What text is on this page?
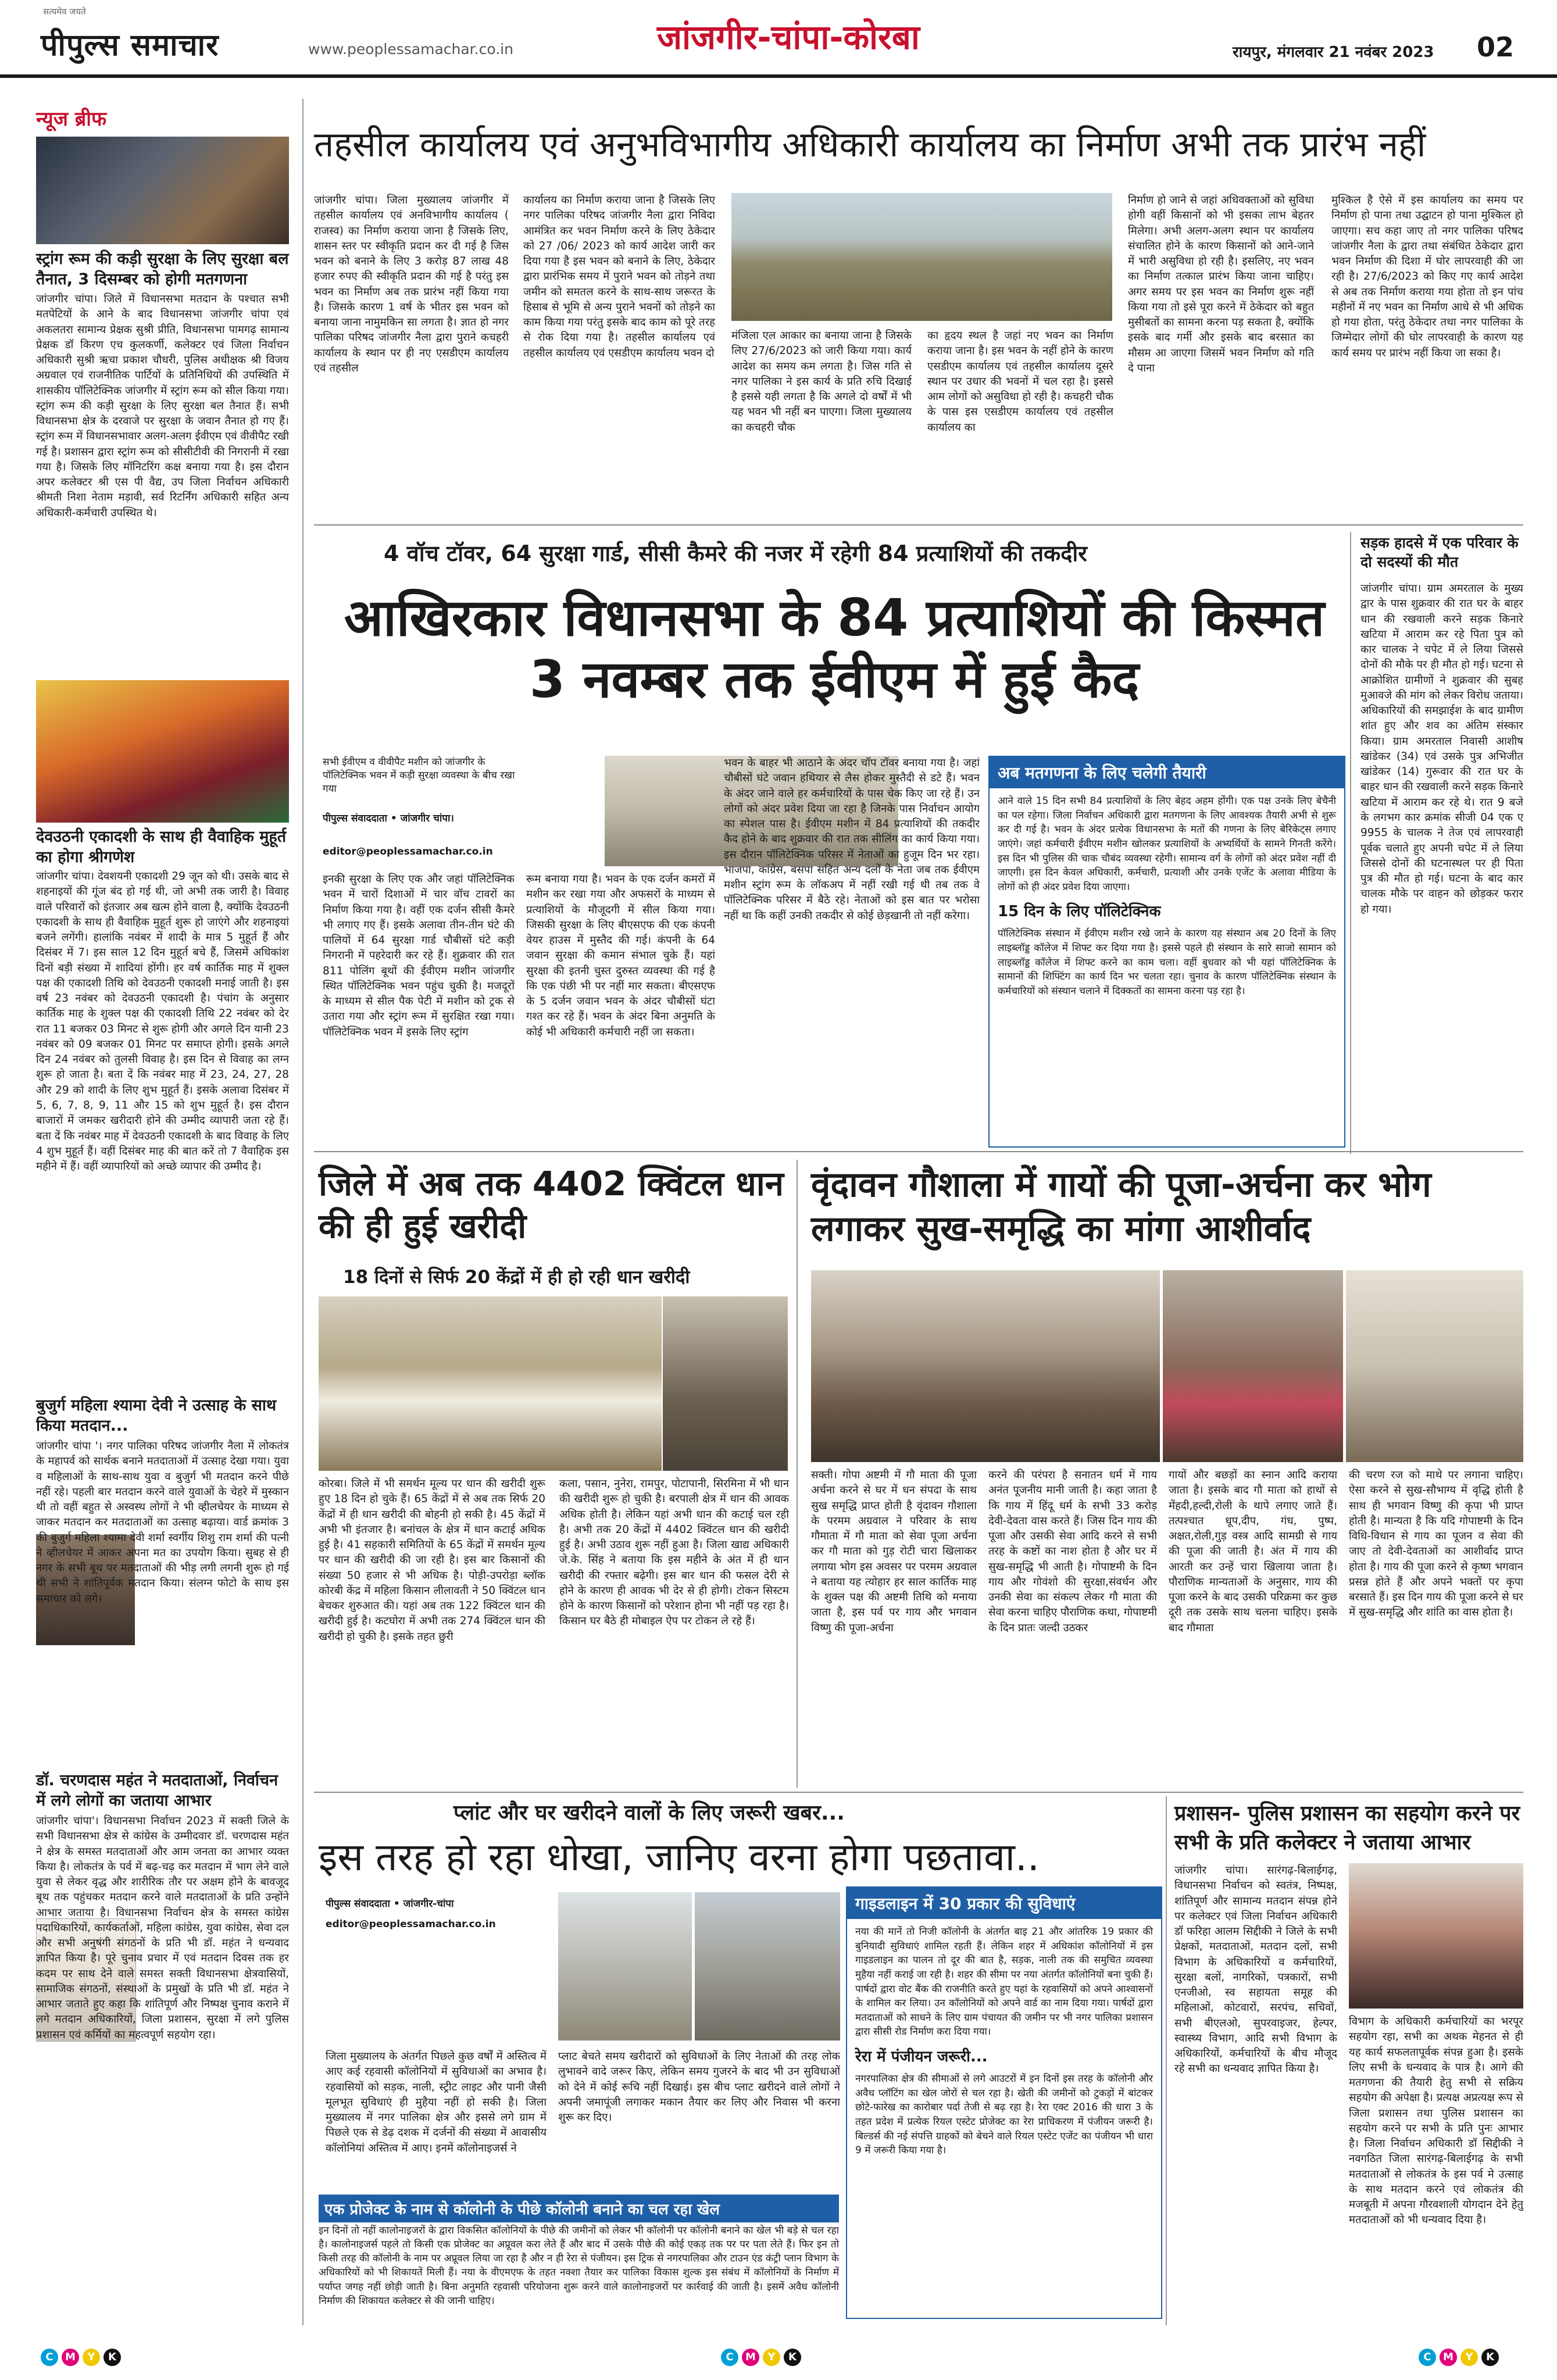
सत्यमेव जयते
पीपुल्स समाचार	www.peoplessamachar.co.in	जांजगीर-चांपा-कोरबा	रायपुर, मंगलवार 21 नवंबर 2023 02
न्यूज ब्रीफ
स्ट्रांग रूम की कड़ी सुरक्षा के लिए सुरक्षा बल तैनात, 3 दिसम्बर को होगी मतगणना
जांजगीर चांपा। जिले में विधानसभा मतदान के पश्चात सभी मतपेटियों के आने के बाद विधानसभा जांजगीर चांपा एवं अकलतरा सामान्य प्रेक्षक सुश्री प्रीति, विधानसभा पामगढ़ सामान्य प्रेक्षक डॉ किरण एच कुलकर्णी, कलेक्टर एवं जिला निर्वाचन अधिकारी सुश्री ऋचा प्रकाश चौधरी, पुलिस अधीक्षक श्री विजय अग्रवाल एवं राजनीतिक पार्टियों के प्रतिनिधियों की उपस्थिति में शासकीय पॉलिटेक्निक जांजगीर में स्ट्रांग रूम को सील किया गया। स्ट्रांग रूम की कड़ी सुरक्षा के लिए सुरक्षा बल तैनात हैं। सभी विधानसभा क्षेत्र के दरवाजे पर सुरक्षा के जवान तैनात हो गए हैं। स्ट्रांग रूम में विधानसभावार अलग-अलग ईवीएम एवं वीवीपैट रखी गई है। प्रशासन द्वारा स्ट्रांग रूम को सीसीटीवी की निगरानी में रखा गया है। जिसके लिए मॉनिटरिंग कक्ष बनाया गया है। इस दौरान अपर कलेक्टर श्री एस पी वैद्य, उप जिला निर्वाचन अधिकारी श्रीमती निशा नेताम मड़ावी, सर्व रिटर्निंग अधिकारी सहित अन्य अधिकारी-कर्मचारी उपस्थित थे।
देवउठनी एकादशी के साथ ही वैवाहिक मुहूर्त का होगा श्रीगणेश
जांजगीर चांपा। देवशयनी एकादशी 29 जून को थी। उसके बाद से शहनाइयों की गूंज बंद हो गई थी, जो अभी तक जारी है। विवाह वाले परिवारों को इंतजार अब खत्म होने वाला है, क्योंकि देवउठनी एकादशी के साथ ही वैवाहिक मुहूर्त शुरू हो जाएंगे और शहनाइयां बजने लगेंगी। हालांकि नवंबर में शादी के मात्र 5 मुहूर्त हैं और दिसंबर में 7। इस साल 12 दिन मुहूर्त बचे हैं, जिसमें अधिकांश दिनों बड़ी संख्या में शादियां होंगी। हर वर्ष कार्तिक माह में शुक्ल पक्ष की एकादशी तिथि को देवउठनी एकादशी मनाई जाती है। इस वर्ष 23 नवंबर को देवउठनी एकादशी है। पंचांग के अनुसार कार्तिक माह के शुक्ल पक्ष की एकादशी तिथि 22 नवंबर को देर रात 11 बजकर 03 मिनट से शुरू होगी और अगले दिन यानी 23 नवंबर को 09 बजकर 01 मिनट पर समाप्त होगी। इसके अगले दिन 24 नवंबर को तुलसी विवाह है। इस दिन से विवाह का लग्न शुरू हो जाता है। बता दें कि नवंबर माह में 23, 24, 27, 28 और 29 को शादी के लिए शुभ मुहूर्त हैं। इसके अलावा दिसंबर में 5, 6, 7, 8, 9, 11 और 15 को शुभ मुहूर्त है। इस दौरान बाजारों में जमकर खरीदारी होने की उम्मीद व्यापारी जता रहे हैं। बता दें कि नवंबर माह में देवउठनी एकादशी के बाद विवाह के लिए 4 शुभ मुहूर्त हैं। वहीं दिसंबर माह की बात करें तो 7 वैवाहिक इस महीने में हैं। वहीं व्यापारियों को अच्छे व्यापार की उम्मीद है।
बुजुर्ग महिला श्यामा देवी ने उत्साह के साथ किया मतदान...
जांजगीर चांपा '। नगर पालिका परिषद जांजगीर नैला में लोकतंत्र के महापर्व को सार्थक बनाने मतदाताओं में उत्साह देखा गया। युवा व महिलाओं के साथ-साथ युवा व बुजुर्ग भी मतदान करने पीछे नहीं रहे। पहली बार मतदान करने वाले युवाओं के चेहरे में मुस्कान थी तो वहीं बहुत से अस्वस्थ लोगों ने भी व्हीलचेयर के माध्यम से जाकर मतदान कर मतदाताओं का उत्साह बढ़ाया। वार्ड क्रमांक 3 की बुजुर्ग महिला श्यामा देवी शर्मा स्वर्गीय शिशु राम शर्मा की पत्नी ने व्हीलचेयर में आकर अपना मत का उपयोग किया। सुबह से ही नगर के सभी बूथ पर मतदाताओं की भीड़ लगी लगनी शुरू हो गई थी सभी ने शांतिपूर्वक मतदान किया। संलग्न फोटो के साथ इस समाचार को लगे।
डॉ. चरणदास महंत ने मतदाताओं, निर्वाचन में लगे लोगों का जताया आभार
जांजगीर चांपा'। विधानसभा निर्वाचन 2023 में सक्ती जिले के सभी विधानसभा क्षेत्र से कांग्रेस के उम्मीदवार डॉ. चरणदास महंत ने क्षेत्र के समस्त मतदाताओं और आम जनता का आभार व्यक्त किया है। लोकतंत्र के पर्व में बढ़-चढ़ कर मतदान में भाग लेने वाले युवा से लेकर वृद्ध और शारीरिक तौर पर अक्षम होने के बावजूद बूथ तक पहुंचकर मतदान करने वाले मतदाताओं के प्रति उन्होंने आभार जताया है। विधानसभा निर्वाचन क्षेत्र के समस्त कांग्रेस पदाधिकारियों, कार्यकर्ताओं, महिला कांग्रेस, युवा कांग्रेस, सेवा दल और सभी अनुषंगी संगठनों के प्रति भी डॉ. महंत ने धन्यवाद ज्ञापित किया है। पूरे चुनाव प्रचार में एवं मतदान दिवस तक हर कदम पर साथ देने वाले समस्त सक्ती विधानसभा क्षेत्रवासियों, सामाजिक संगठनों, संस्थाओं के प्रमुखों के प्रति भी डॉ. महंत ने आभार जताते हुए कहा कि शांतिपूर्ण और निष्पक्ष चुनाव कराने में लगे मतदान अधिकारियों, जिला प्रशासन, सुरक्षा में लगे पुलिस प्रशासन एवं कर्मियों का महत्वपूर्ण सहयोग रहा।
तहसील कार्यालय एवं अनुभविभागीय अधिकारी कार्यालय का निर्माण अभी तक प्रारंभ नहीं
जांजगीर चांपा। जिला मुख्यालय जांजगीर में तहसील कार्यालय एवं अनविभागीय कार्यालय ( राजस्व) का निर्माण कराया जाना है जिसके लिए, शासन स्तर पर स्वीकृति प्रदान कर दी गई है जिस भवन को बनाने के लिए 3 करोड़ 87 लाख 48 हजार रुपए की स्वीकृति प्रदान की गई है परंतु इस भवन का निर्माण अब तक प्रारंभ नहीं किया गया है। जिसके कारण 1 वर्ष के भीतर इस भवन को बनाया जाना नामुमकिन सा लगता है। ज्ञात हो नगर पालिका परिषद जांजगीर नैला द्वारा पुराने कचहरी कार्यालय के स्थान पर ही नए एसडीएम कार्यालय एवं तहसील
कार्यालय का निर्माण कराया जाना है जिसके लिए नगर पालिका परिषद जांजगीर नैला द्वारा निविदा आमंत्रित कर भवन निर्माण करने के लिए ठेकेदार को 27 /06/ 2023 को कार्य आदेश जारी कर दिया गया है इस भवन को बनाने के लिए, ठेकेदार द्वारा प्रारंभिक समय में पुराने भवन को तोड़ने तथा जमीन को समतल करने के साथ-साथ जरूरत के हिसाब से भूमि से अन्य पुराने भवनों को तोड़ने का काम किया गया परंतु इसके बाद काम को पूरे तरह से रोक दिया गया है। तहसील कार्यालय एवं तहसील कार्यालय एवं एसडीएम कार्यालय भवन दो
मंजिला एल आकार का बनाया जाना है जिसके लिए 27/6/2023 को जारी किया गया। कार्य आदेश का समय कम लगता है। जिस गति से नगर पालिका ने इस कार्य के प्रति रुचि दिखाई है इससे यही लगता है कि अगले दो वर्षों में भी यह भवन भी नहीं बन पाएगा। जिला मुख्यालय का कचहरी चौक
का हृदय स्थल है जहां नए भवन का निर्माण कराया जाना है। इस भवन के नहीं होने के कारण एसडीएम कार्यालय एवं तहसील कार्यालय दूसरे स्थान पर उधार की भवनों में चल रहा है। इससे आम लोगों को असुविधा हो रही है। कचहरी चौक के पास इस एसडीएम कार्यालय एवं तहसील कार्यालय का
निर्माण हो जाने से जहां अधिवक्ताओं को सुविधा होगी वहीं किसानों को भी इसका लाभ बेहतर मिलेगा। अभी अलग-अलग स्थान पर कार्यालय संचालित होने के कारण किसानों को आने-जाने में भारी असुविधा हो रही है। इसलिए, नए भवन का निर्माण तत्काल प्रारंभ किया जाना चाहिए। अगर समय पर इस भवन का निर्माण शुरू नहीं किया गया तो इसे पूरा करने में ठेकेदार को बहुत मुसीबतों का सामना करना पड़ सकता है, क्योंकि इसके बाद गर्मी और इसके बाद बरसात का मौसम आ जाएगा जिसमें भवन निर्माण को गति दे पाना
मुश्किल है ऐसे में इस कार्यालय का समय पर निर्माण हो पाना तथा उद्घाटन हो पाना मुश्किल हो जाएगा। सच कहा जाए तो नगर पालिका परिषद जांजगीर नैला के द्वारा तथा संबंधित ठेकेदार द्वारा भवन निर्माण की दिशा में घोर लापरवाही की जा रही है। 27/6/2023 को किए गए कार्य आदेश से अब तक निर्माण कराया गया होता तो इन पांच महीनों में नए भवन का निर्माण आधे से भी अधिक हो गया होता, परंतु ठेकेदार तथा नगर पालिका के जिम्मेदार लोगों की घोर लापरवाही के कारण यह कार्य समय पर प्रारंभ नहीं किया जा सका है।
4 वॉच टॉवर, 64 सुरक्षा गार्ड, सीसी कैमरे की नजर में रहेगी 84 प्रत्याशियों की तकदीर
आखिरकार विधानसभा के 84 प्रत्याशियों की किस्मत 3 नवम्बर तक ईवीएम में हुई कैद
सभी ईवीएम व वीवीपैट मशीन को जांजगीर के पॉलिटेक्निक भवन में कड़ी सुरक्षा व्यवस्था के बीच रखा गया
पीपुल्स संवाददाता • जांजगीर चांपा।
editor@peoplessamachar.co.in
इनकी सुरक्षा के लिए एक और जहां पॉलिटेक्निक भवन में चारों दिशाओं में चार वॉच टावरों का निर्माण किया गया है। वहीं एक दर्जन सीसी कैमरे भी लगाए गए हैं। इसके अलावा तीन-तीन घंटे की पालियों में 64 सुरक्षा गार्ड चौबीसों घंटे कड़ी निगरानी में पहरेदारी कर रहे हैं। शुक्रवार की रात 811 पोलिंग बूथों की ईवीएम मशीन जांजगीर स्थित पॉलिटेक्निक भवन पहुंच चुकी है। मजदूरों के माध्यम से सील पैक पेटी में मशीन को ट्रक से उतारा गया और स्ट्रांग रूम में सुरक्षित रखा गया। पॉलिटेक्निक भवन में इसके लिए स्ट्रांग
रूम बनाया गया है। भवन के एक दर्जन कमरों में मशीन कर रखा गया और अफसरों के माध्यम से प्रत्याशियों के मौजूदगी में सील किया गया। जिसकी सुरक्षा के लिए बीएसएफ की एक कंपनी वेयर हाउस में मुस्तैद की गई। कंपनी के 64 जवान सुरक्षा की कमान संभाल चुके हैं। यहां सुरक्षा की इतनी चुस्त दुरुस्त व्यवस्था की गई है कि एक पंछी भी पर नहीं मार सकता। बीएसएफ के 5 दर्जन जवान भवन के अंदर चौबीसों घंटा गश्त कर रहे हैं। भवन के अंदर बिना अनुमति के कोई भी अधिकारी कर्मचारी नहीं जा सकता।
भवन के बाहर भी आठाने के अंदर चॉप टॉवर बनाया गया है। जहां चौबीसों घंटे जवान हथियार से लैस होकर मुस्तैदी से डटे हैं। भवन के अंदर जाने वाले हर कर्मचारियों के पास चेक किए जा रहे हैं। उन लोगों को अंदर प्रवेश दिया जा रहा है जिनके पास निर्वाचन आयोग का स्पेशल पास है। ईवीएम मशीन में 84 प्रत्याशियों की तकदीर कैद होने के बाद शुक्रवार की रात तक सीलिंग का कार्य किया गया। इस दौरान पॉलिटेक्निक परिसर में नेताओं का हुजूम दिन भर रहा। भाजपा, कांग्रेस, बसपा सहित अन्य दलों के नेता जब तक ईवीएम मशीन स्ट्रांग रूम के लॉकअप में नहीं रखी गई थी तब तक वे पॉलिटेक्निक परिसर में बैठे रहे। नेताओं को इस बात पर भरोसा नहीं था कि कहीं उनकी तकदीर से कोई छेड़खानी तो नहीं करेगा।
अब मतगणना के लिए चलेगी तैयारी
आने वाले 15 दिन सभी 84 प्रत्याशियों के लिए बेहद अहम होंगी। एक पक्ष उनके लिए बेचैनी का पल रहेगा। जिला निर्वाचन अधिकारी द्वारा मतगणना के लिए आवश्यक तैयारी अभी से शुरू कर दी गई है। भवन के अंदर प्रत्येक विधानसभा के मतों की गणना के लिए बेरिकेट्स लगाए जाएंगे। जहां कर्मचारी ईवीएम मशीन खोलकर प्रत्याशियों के अभ्यर्थियों के सामने गिनती करेंगे। इस दिन भी पुलिस की चाक चौबंद व्यवस्था रहेगी। सामान्य वर्ग के लोगों को अंदर प्रवेश नहीं दी जाएगी। इस दिन केवल अधिकारी, कर्मचारी, प्रत्याशी और उनके एजेंट के अलावा मीडिया के लोगों को ही अंदर प्रवेश दिया जाएगा।
15 दिन के लिए पॉलिटेक्निक
पॉलिटेक्निक संस्थान में ईवीएम मशीन रखे जाने के कारण यह संस्थान अब 20 दिनों के लिए लाइब्लॉड्ड कॉलेज में शिफ्ट कर दिया गया है। इससे पहले ही संस्थान के सारे साजो सामान को लाइब्लॉड्ड कॉलेज में शिफ्ट करने का काम चला। वहीं बुधवार को भी यहां पॉलिटेक्निक के सामानों की शिफ्टिंग का कार्य दिन भर चलता रहा। चुनाव के कारण पॉलिटेक्निक संस्थान के कर्मचारियों को संस्थान चलाने में दिक्कतों का सामना करना पड़ रहा है।
सड़क हादसे में एक परिवार के दो सदस्यों की मौत
जांजगीर चांपा। ग्राम अमरताल के मुख्य द्वार के पास शुक्रवार की रात घर के बाहर धान की रखवाली करने सड़क किनारे खटिया में आराम कर रहे पिता पुत्र को कार चालक ने चपेट में ले लिया जिससे दोनों की मौके पर ही मौत हो गई। घटना से आक्रोशित ग्रामीणों ने शुक्रवार की सुबह मुआवजे की मांग को लेकर विरोध जताया। अधिकारियों की समझाईश के बाद ग्रामीण शांत हुए और शव का अंतिम संस्कार किया। ग्राम अमरताल निवासी आशीष खांडेकर (34) एवं उसके पुत्र अभिजीत खांडेकर (14) गुरूवार की रात घर के बाहर धान की रखवाली करने सड़क किनारे खटिया में आराम कर रहे थे। रात 9 बजे के लगभग कार क्रमांक सीजी 04 एक ए 9955 के चालक ने तेज एवं लापरवाही पूर्वक चलाते हुए अपनी चपेट में ले लिया जिससे दोनों की घटनास्थल पर ही पिता पुत्र की मौत हो गई। घटना के बाद कार चालक मौके पर वाहन को छोड़कर फरार हो गया।
जिले में अब तक 4402 क्विंटल धान की ही हुई खरीदी
18 दिनों से सिर्फ 20 केंद्रों में ही हो रही धान खरीदी
कोरबा। जिले में भी समर्थन मूल्य पर धान की खरीदी शुरू हुए 18 दिन हो चुके हैं। 65 केंद्रों में से अब तक सिर्फ 20 केंद्रों में ही धान खरीदी की बोहनी हो सकी है। 45 केंद्रों में अभी भी इंतजार है। बनांचल के क्षेत्र में धान कटाई अधिक हुई है। 41 सहकारी समितियों के 65 केंद्रों में समर्थन मूल्य पर धान की खरीदी की जा रही है। इस बार किसानों की संख्या 50 हजार से भी अधिक है। पोड़ी-उपरोड़ा ब्लॉक कोरबी केंद्र में महिला किसान लीलावती ने 50 क्विंटल धान बेचकर शुरुआत की। यहां अब तक 122 क्विंटल धान की खरीदी हुई है। कटघोरा में अभी तक 274 क्विंटल धान की खरीदी हो चुकी है। इसके तहत छुरी
कला, पसान, नुनेरा, रामपुर, पोटापानी, सिरमिना में भी धान की खरीदी शुरू हो चुकी है। बरपाली क्षेत्र में धान की आवक अधिक होती है। लेकिन यहां अभी धान की कटाई चल रही है। अभी तक 20 केंद्रों में 4402 क्विंटल धान की खरीदी हुई है। अभी उठाव शुरू नहीं हुआ है। जिला खाद्य अधिकारी जे.के. सिंह ने बताया कि इस महीने के अंत में ही धान खरीदी की रफ्तार बढ़ेगी। इस बार धान की फसल देरी से होने के कारण ही आवक भी देर से ही होगी। टोकन सिस्टम होने के कारण किसानों को परेशान होना भी नहीं पड़ रहा है। किसान घर बैठे ही मोबाइल ऐप पर टोकन ले रहे हैं।
वृंदावन गौशाला में गायों की पूजा-अर्चना कर भोग लगाकर सुख-समृद्धि का मांगा आशीर्वाद
सक्ती। गोपा अष्टमी में गौ माता की पूजा अर्चना करने से घर में धन संपदा के साथ सुख समृद्धि प्राप्त होती है वृंदावन गौशाला के परमम अग्रवाल ने परिवार के साथ गौमाता में गौ माता को सेवा पूजा अर्चना कर गौ माता को गुड़ रोटी चारा खिलाकर लगाया भोग इस अवसर पर परमम अग्रवाल ने बताया यह त्योहार हर साल कार्तिक माह के शुक्ल पक्ष की अष्टमी तिथि को मनाया जाता है, इस पर्व पर गाय और भगवान विष्णु की पूजा-अर्चना
करने की परंपरा है सनातन धर्म में गाय अनंत पूजनीय मानी जाती है। कहा जाता है कि गाय में हिंदू धर्म के सभी 33 करोड़ देवी-देवता वास करते हैं। जिस दिन गाय की पूजा और उसकी सेवा आदि करने से सभी तरह के कष्टों का नाश होता है और घर में सुख-समृद्धि भी आती है। गोपाष्टमी के दिन गाय और गोवंशो की सुरक्षा,संवर्धन और उनकी सेवा का संकल्प लेकर गौ माता की सेवा करना चाहिए पौराणिक कथा, गोपाष्टमी के दिन प्रातः जल्दी उठकर
गायों और बछड़ों का स्नान आदि कराया जाता है। इसके बाद गौ माता को हाथों से मेंहदी,हल्दी,रोली के थापे लगाए जाते हैं। तत्पश्चात धूप,दीप, गंध, पुष्प, अक्षत,रोली,गुड़ वस्त्र आदि सामग्री से गाय की पूजा की जाती है। अंत में गाय की आरती कर उन्हें चारा खिलाया जाता है। पौराणिक मान्यताओं के अनुसार, गाय की पूजा करने के बाद उसकी परिक्रमा कर कुछ दूरी तक उसके साथ चलना चाहिए। इसके बाद गौमाता
की चरण रज को माथे पर लगाना चाहिए। ऐसा करने से सुख-सौभाग्य में वृद्धि होती है साथ ही भगवान विष्णु की कृपा भी प्राप्त होती है। मान्यता है कि यदि गोपाष्टमी के दिन विधि-विधान से गाय का पूजन व सेवा की जाए तो देवी-देवताओं का आशीर्वाद प्राप्त होता है। गाय की पूजा करने से कृष्ण भगवान प्रसन्न होते हैं और अपने भक्तों पर कृपा बरसाते हैं। इस दिन गाय की पूजा करने से घर में सुख-समृद्धि और शांति का वास होता है।
प्लांट और घर खरीदने वालों के लिए जरूरी खबर...
इस तरह हो रहा धोखा, जानिए वरना होगा पछतावा..
पीपुल्स संवाददाता • जांजगीर-चांपा
editor@peoplessamachar.co.in
जिला मुख्यालय के अंतर्गत पिछले कुछ वर्षों में अस्तित्व में आए कई रहवासी कॉलोनियों में सुविधाओं का अभाव है। रहवासियों को सड़क, नाली, स्ट्रीट लाइट और पानी जैसी मूलभूत सुविधाएं ही मुहैया नहीं हो सकी है। जिला मुख्यालय में नगर पालिका क्षेत्र और इससे लगे ग्राम में पिछले एक से डेढ़ दशक में दर्जनों की संख्या में आवासीय कॉलोनियां अस्तित्व में आए। इनमें कॉलोनाइजर्स ने
प्लाट बेचते समय खरीदारों को सुविधाओं के लिए नेताओं की तरह लोक लुभावने वादे जरूर किए, लेकिन समय गुजरने के बाद भी उन सुविधाओं को देने में कोई रूचि नहीं दिखाई। इस बीच प्लाट खरीदने वाले लोगों ने अपनी जमापूंजी लगाकर मकान तैयार कर लिए और निवास भी करना शुरू कर दिए।
गाइडलाइन में 30 प्रकार की सुविधाएं
नया की मानें तो निजी कॉलोनी के अंतर्गत बाइ 21 और आंतरिक 19 प्रकार की बुनियादी सुविधाएं शामिल रहती हैं। लेकिन शहर में अधिकांश कॉलोनियों में इस गाइडलाइन का पालन तो दूर की बात है, सड़क, नाली तक की समुचित व्यवस्था मुहैया नहीं कराई जा रही है। शहर की सीमा पर नया अंतर्गत कॉलोनियों बना चुकी हैं। पार्षदों द्वारा वोट बैंक की राजनीति करते हुए यहां के रहवासियों को अपने आश्वासनों के शामिल कर लिया। उन कॉलोनियों को अपने वार्ड का नाम दिया गया। पार्षदों द्वारा मतदाताओं को साधने के लिए ग्राम पंचायत की जमीन पर भी नगर पालिका प्रशासन द्वारा सीसी रोड निर्माण करा दिया गया।
रेरा में पंजीयन जरूरी...
नगरपालिका क्षेत्र की सीमाओं से लगे आउटरों में इन दिनों इस तरह के कॉलोनी और अवैध प्लॉटिंग का खेल जोरों से चल रहा है। खेती की जमीनों को टुकड़ों में बांटकर छोटे-फारेख का कारोबार पर्दा तेजी से बढ़ रहा है। रेरा एक्ट 2016 की धारा 3 के तहत प्रदेश में प्रत्येक रियल एस्टेट प्रोजेक्ट का रेरा प्राधिकरण में पंजीयन जरूरी है। बिल्डर्स की नई संपत्ति ग्राहकों को बेचने वाले रियल एस्टेट एजेंट का पंजीयन भी धारा 9 में जरूरी किया गया है।
एक प्रोजेक्ट के नाम से कॉलोनी के पीछे कॉलोनी बनाने का चल रहा खेल
इन दिनों तो नहीं कालोनाइजरों के द्वारा विकसित कॉलोनियों के पीछे की जमीनों को लेकर भी कॉलोनी पर कॉलोनी बनाने का खेल भी बड़े से चल रहा है। कालोनाइजर्स पहले तो किसी एक प्रोजेक्ट का अप्रूवल करा लेते हैं और बाद में उसके पीछे की कोई एकड़ तक पर पर पता लेते हैं। फिर इन तो किसी तरह की कॉलोनी के नाम पर अप्रूवल लिया जा रहा है और न ही रेरा से पंजीयन। इस ट्रिक से नगरपालिका और टाउन एंड कंट्री प्लान विभाग के अधिकारियों को भी शिकायतें मिली हैं। नया के वीएमएफ के तहत नक्शा तैयार कर पालिका विकास शुल्क इस संबंध में कॉलोनियों के निर्माण में पर्याप्त जगह नहीं छोड़ी जाती है। बिना अनुमति रहवासी परियोजना शुरू करने वाले कालोनाइजरों पर कार्रवाई की जाती है। इसमें अवैध कॉलोनी निर्माण की शिकायत कलेक्टर से की जानी चाहिए।
प्रशासन- पुलिस प्रशासन का सहयोग करने पर सभी के प्रति कलेक्टर ने जताया आभार
जांजगीर चांपा। सारंगढ़-बिलाईगढ़, विधानसभा निर्वाचन को स्वतंत्र, निष्पक्ष, शांतिपूर्ण और सामान्य मतदान संपन्न होने पर कलेक्टर एवं जिला निर्वाचन अधिकारी डॉ फरिहा आलम सिद्दीकी ने जिले के सभी प्रेक्षकों, मतदाताओं, मतदान दलों, सभी विभाग के अधिकारियों व कर्मचारियों, सुरक्षा बलों, नागरिकों, पत्रकारों, सभी एनजीओ, स्व सहायता समूह की महिलाओं, कोटवारों, सरपंच, सचिवों, सभी बीएलओ, सुपरवाइजर, हेल्पर, स्वास्थ्य विभाग, आदि सभी विभाग के अधिकारियों, कर्मचारियों के बीच मौजूद रहे सभी का धन्यवाद ज्ञापित किया है।
विभाग के अधिकारी कर्मचारियों का भरपूर सहयोग रहा, सभी का अथक मेहनत से ही यह कार्य सफलतापूर्वक संपन्न हुआ है। इसके लिए सभी के धन्यवाद के पात्र है। आगे की मतगणना की तैयारी हेतु सभी से सक्रिय सहयोग की अपेक्षा है। प्रत्यक्ष अप्रत्यक्ष रूप से जिला प्रशासन तथा पुलिस प्रशासन का सहयोग करने पर सभी के प्रति पुनः आभार है। जिला निर्वाचन अधिकारी डॉ सिद्दीकी ने नवगठित जिला सारंगढ़-बिलाईगढ़ के सभी मतदाताओं से लोकतंत्र के इस पर्व मे उत्साह के साथ मतदान करने एवं लोकतंत्र की मजबूती में अपना गौरवशाली योगदान देने हेतु मतदाताओं को भी धन्यवाद दिया है।
C M Y K	C M Y K	C M Y K
